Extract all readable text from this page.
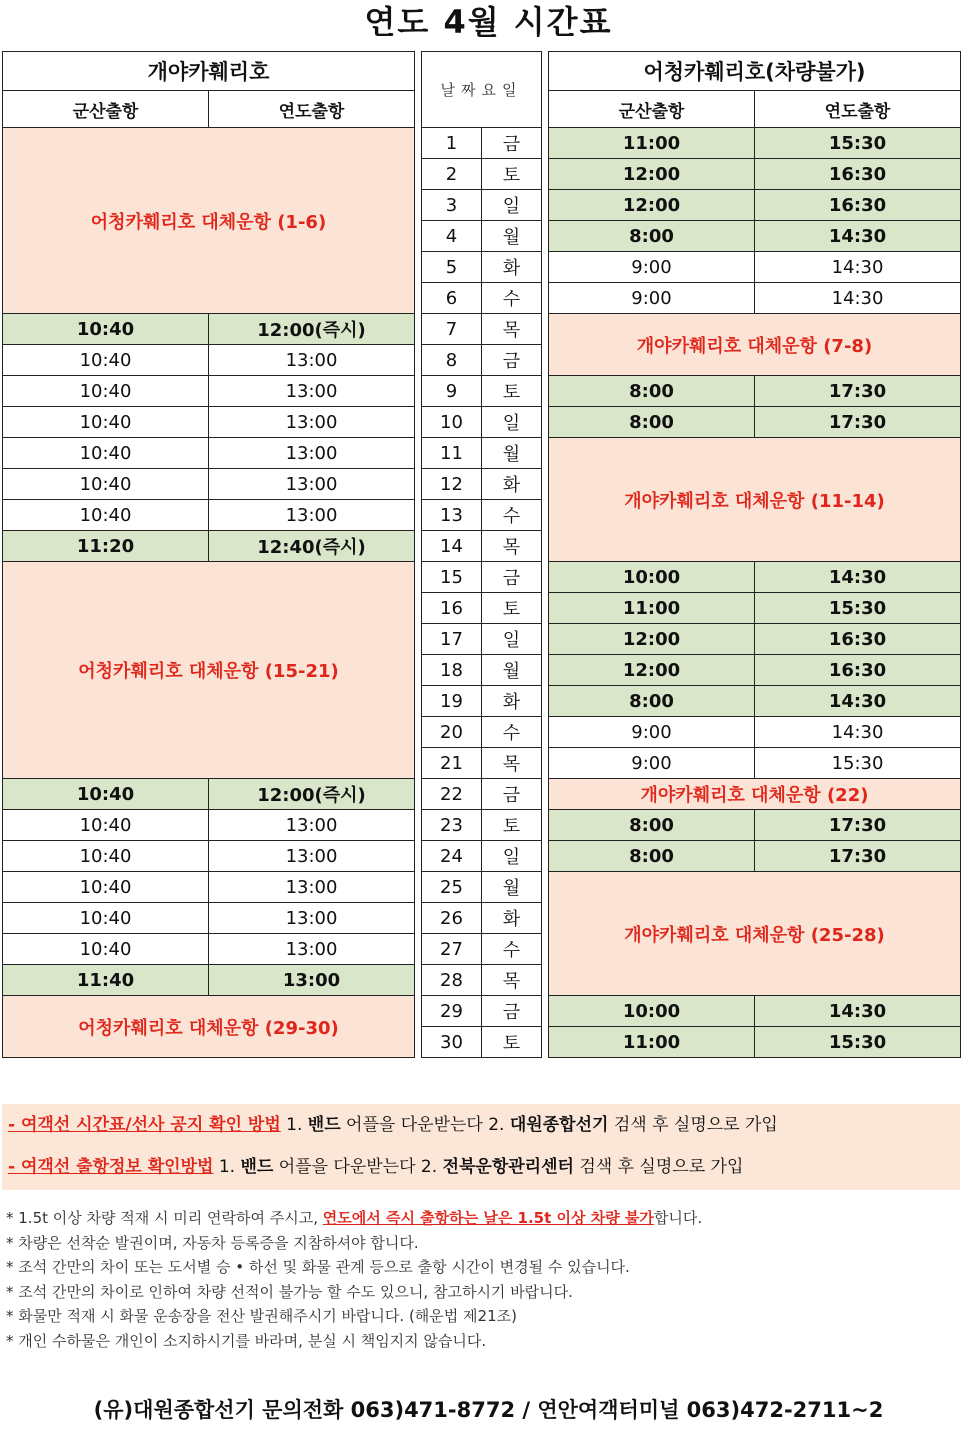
연도 4월 시간표
개야카훼리호			날짜요일			어청카훼리호(차량불가)	
군산출항	연도출항					군산출항	연도출항
어청카훼리호 대체운항 (1-6)			1	금		11:00	15:30
			2	토		12:00	16:30
			3	일		12:00	16:30
			4	월		8:00	14:30
			5	화		9:00	14:30
			6	수		9:00	14:30
10:40	12:00(즉시)		7	목		개야카훼리호 대체운항 (7-8)	
10:40	13:00		8	금			
10:40	13:00		9	토		8:00	17:30
10:40	13:00		10	일		8:00	17:30
10:40	13:00		11	월		개야카훼리호 대체운항 (11-14)	
10:40	13:00		12	화			
10:40	13:00		13	수			
11:20	12:40(즉시)		14	목			
어청카훼리호 대체운항 (15-21)			15	금		10:00	14:30
			16	토		11:00	15:30
			17	일		12:00	16:30
			18	월		12:00	16:30
			19	화		8:00	14:30
			20	수		9:00	14:30
			21	목		9:00	15:30
10:40	12:00(즉시)		22	금		개야카훼리호 대체운항 (22)	
10:40	13:00		23	토		8:00	17:30
10:40	13:00		24	일		8:00	17:30
10:40	13:00		25	월		개야카훼리호 대체운항 (25-28)	
10:40	13:00		26	화			
10:40	13:00		27	수			
11:40	13:00		28	목			
어청카훼리호 대체운항 (29-30)			29	금		10:00	14:30
			30	토		11:00	15:30
- 여객선 시간표/선사 공지 확인 방법 1. 밴드 어플을 다운받는다 2. 대원종합선기 검색 후 실명으로 가입
- 여객선 출항정보 확인방법 1. 밴드 어플을 다운받는다 2. 전북운항관리센터 검색 후 실명으로 가입
* 1.5t 이상 차량 적재 시 미리 연락하여 주시고, 연도에서 즉시 출항하는 날은 1.5t 이상 차량 불가합니다.
* 차량은 선착순 발권이며, 자동차 등록증을 지참하셔야 합니다.
* 조석 간만의 차이 또는 도서별 승 • 하선 및 화물 관계 등으로 출항 시간이 변경될 수 있습니다.
* 조석 간만의 차이로 인하여 차량 선적이 불가능 할 수도 있으니, 참고하시기 바랍니다.
* 화물만 적재 시 화물 운송장을 전산 발권해주시기 바랍니다. (해운법 제21조)
* 개인 수하물은 개인이 소지하시기를 바라며, 분실 시 책임지지 않습니다.
(유)대원종합선기 문의전화 063)471-8772 / 연안여객터미널 063)472-2711~2
